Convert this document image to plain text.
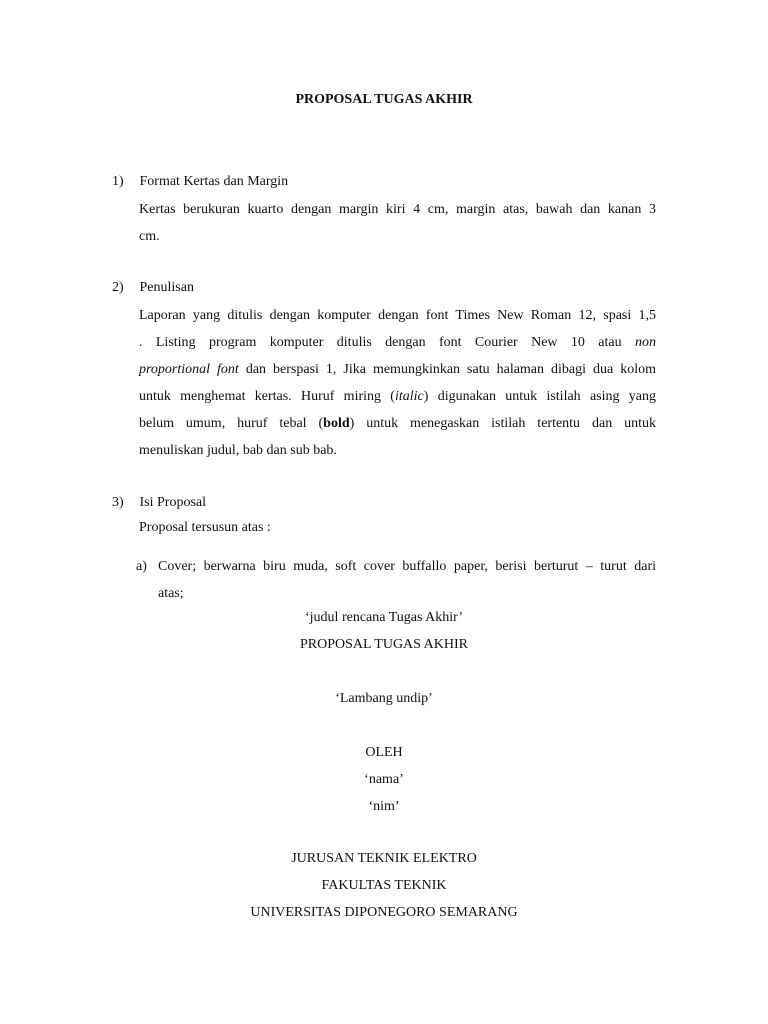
PROPOSAL TUGAS AKHIR
1) Format Kertas dan Margin
Kertas berukuran kuarto dengan margin kiri 4 cm, margin atas, bawah dan kanan 3
cm.
2) Penulisan
Laporan yang ditulis dengan komputer dengan font Times New Roman 12, spasi 1,5
. Listing program komputer ditulis dengan font Courier New 10 atau non
proportional font dan berspasi 1, Jika memungkinkan satu halaman dibagi dua kolom
untuk menghemat kertas. Huruf miring (italic) digunakan untuk istilah asing yang
belum umum, huruf tebal (bold) untuk menegaskan istilah tertentu dan untuk
menuliskan judul, bab dan sub bab.
3) Isi Proposal
Proposal tersusun atas :
a) Cover; berwarna biru muda, soft cover buffallo paper, berisi berturut – turut dari
atas;
‘judul rencana Tugas Akhir’
PROPOSAL TUGAS AKHIR
‘Lambang undip’
OLEH
‘nama’
‘nim’
JURUSAN TEKNIK ELEKTRO
FAKULTAS TEKNIK
UNIVERSITAS DIPONEGORO SEMARANG
